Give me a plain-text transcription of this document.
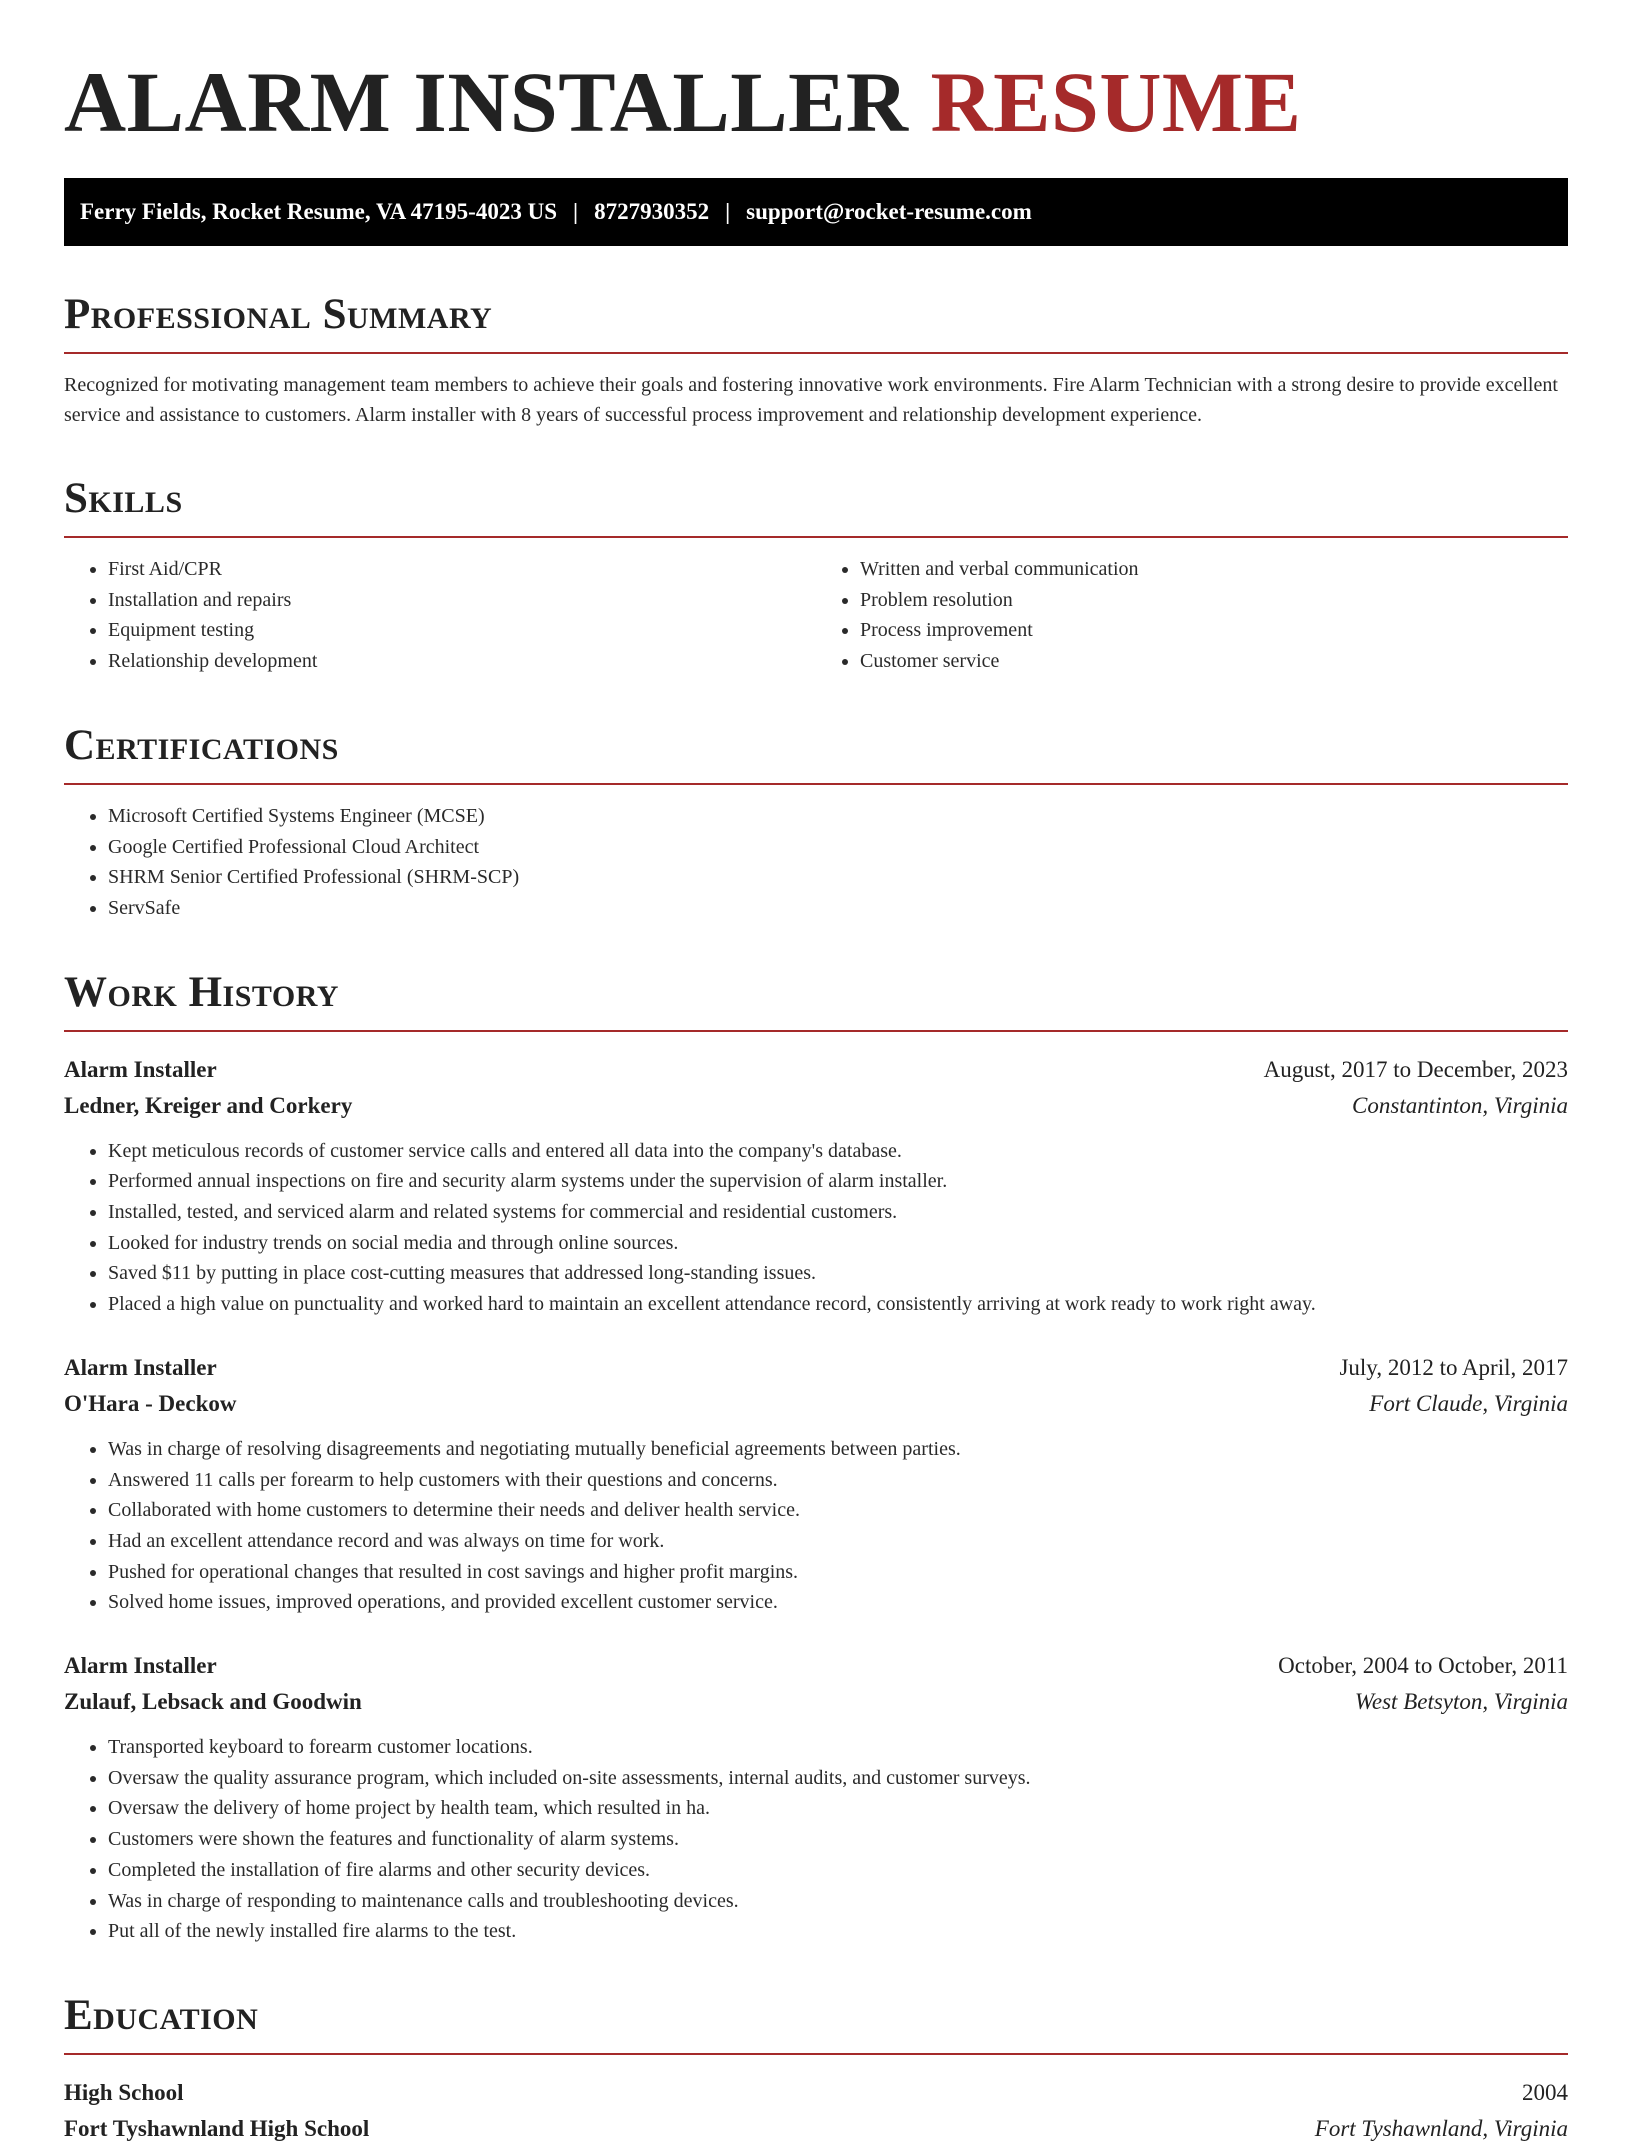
ALARM INSTALLER RESUME
Ferry Fields, Rocket Resume, VA 47195-4023 US | 8727930352 | support@rocket-resume.com
Professional Summary

Recognized for motivating management team members to achieve their goals and fostering innovative work environments. Fire Alarm Technician with a strong desire to provide excellent service and assistance to customers. Alarm installer with 8 years of successful process improvement and relationship development experience.

Skills
• First Aid/CPR
• Installation and repairs
• Equipment testing
• Relationship development
• Written and verbal communication
• Problem resolution
• Process improvement
• Customer service
Certifications
• Microsoft Certified Systems Engineer (MCSE)
• Google Certified Professional Cloud Architect
• SHRM Senior Certified Professional (SHRM-SCP)
• ServSafe
Work History
Alarm Installer	August, 2017 to December, 2023
Ledner, Kreiger and Corkery	Constantinton, Virginia
• Kept meticulous records of customer service calls and entered all data into the company's database.
• Performed annual inspections on fire and security alarm systems under the supervision of alarm installer.
• Installed, tested, and serviced alarm and related systems for commercial and residential customers.
• Looked for industry trends on social media and through online sources.
• Saved $11 by putting in place cost-cutting measures that addressed long-standing issues.
• Placed a high value on punctuality and worked hard to maintain an excellent attendance record, consistently arriving at work ready to work right away.
Alarm Installer	July, 2012 to April, 2017
O'Hara - Deckow	Fort Claude, Virginia
• Was in charge of resolving disagreements and negotiating mutually beneficial agreements between parties.
• Answered 11 calls per forearm to help customers with their questions and concerns.
• Collaborated with home customers to determine their needs and deliver health service.
• Had an excellent attendance record and was always on time for work.
• Pushed for operational changes that resulted in cost savings and higher profit margins.
• Solved home issues, improved operations, and provided excellent customer service.
Alarm Installer	October, 2004 to October, 2011
Zulauf, Lebsack and Goodwin	West Betsyton, Virginia
• Transported keyboard to forearm customer locations.
• Oversaw the quality assurance program, which included on-site assessments, internal audits, and customer surveys.
• Oversaw the delivery of home project by health team, which resulted in ha.
• Customers were shown the features and functionality of alarm systems.
• Completed the installation of fire alarms and other security devices.
• Was in charge of responding to maintenance calls and troubleshooting devices.
• Put all of the newly installed fire alarms to the test.
Education
High School	2004
Fort Tyshawnland High School	Fort Tyshawnland, Virginia
